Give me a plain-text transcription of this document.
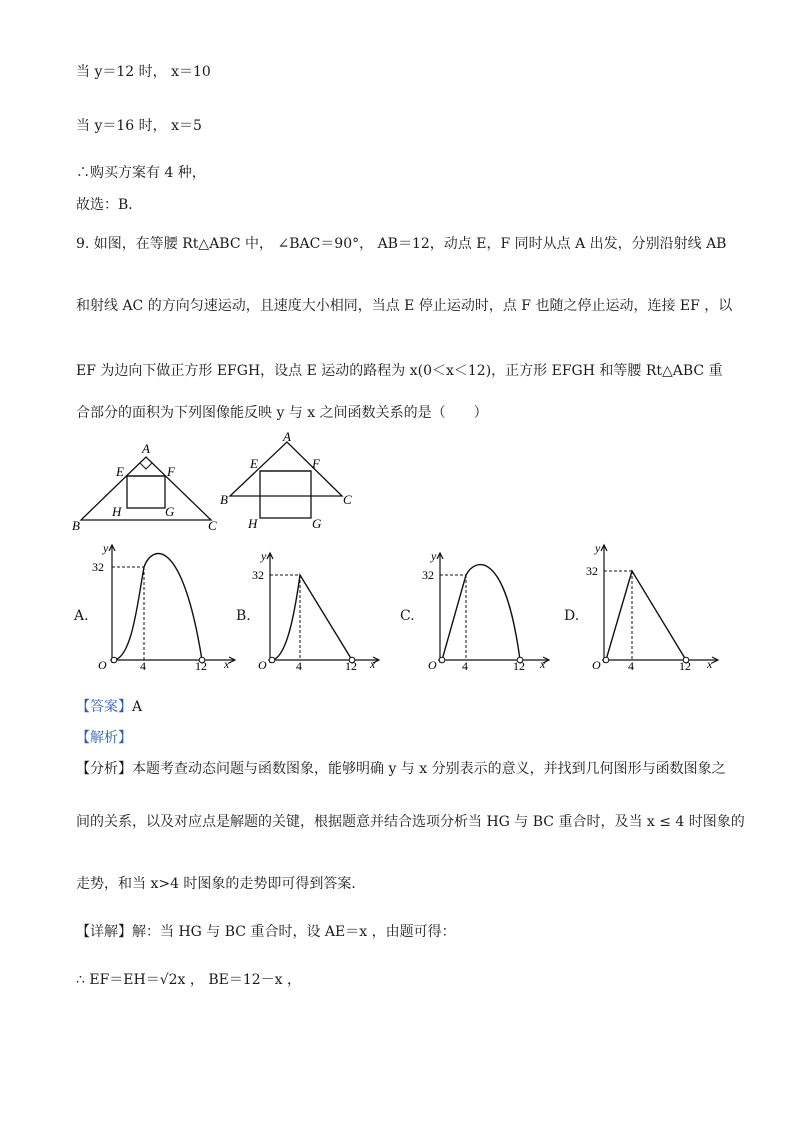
当 y＝12 时， x＝10
当 y＝16 时， x＝5
∴购买方案有 4 种，
故选：B．
9. 如图，在等腰 Rt△ABC 中， ∠BAC＝90°， AB＝12，动点 E，F 同时从点 A 出发，分别沿射线 AB
和射线 AC 的方向匀速运动，且速度大小相同，当点 E 停止运动时，点 F 也随之停止运动，连接 EF ，以
EF 为边向下做正方形 EFGH，设点 E 运动的路程为 x(0＜x＜12)，正方形 EFGH 和等腰 Rt△ABC 重
合部分的面积为下列图像能反映 y 与 x 之间函数关系的是（　　）
A
E	F
H	G
B	C
A
E	F
B	C
H	G
A.
y
32
O	4	12 x
B.
y
32
O 4	12 x
C.
y
32
O 4	12 x
D.
y
32
O 4	12 x
【答案】A
【解析】
【分析】本题考查动态问题与函数图象，能够明确 y 与 x 分别表示的意义，并找到几何图形与函数图象之
间的关系，以及对应点是解题的关键，根据题意并结合选项分析当 HG 与 BC 重合时，及当 x ≤ 4 时图象的
走势，和当 x>4 时图象的走势即可得到答案．
【详解】解：当 HG 与 BC 重合时，设 AE＝x ，由题可得：
∴ EF＝EH＝√2x ， BE＝12－x ，
